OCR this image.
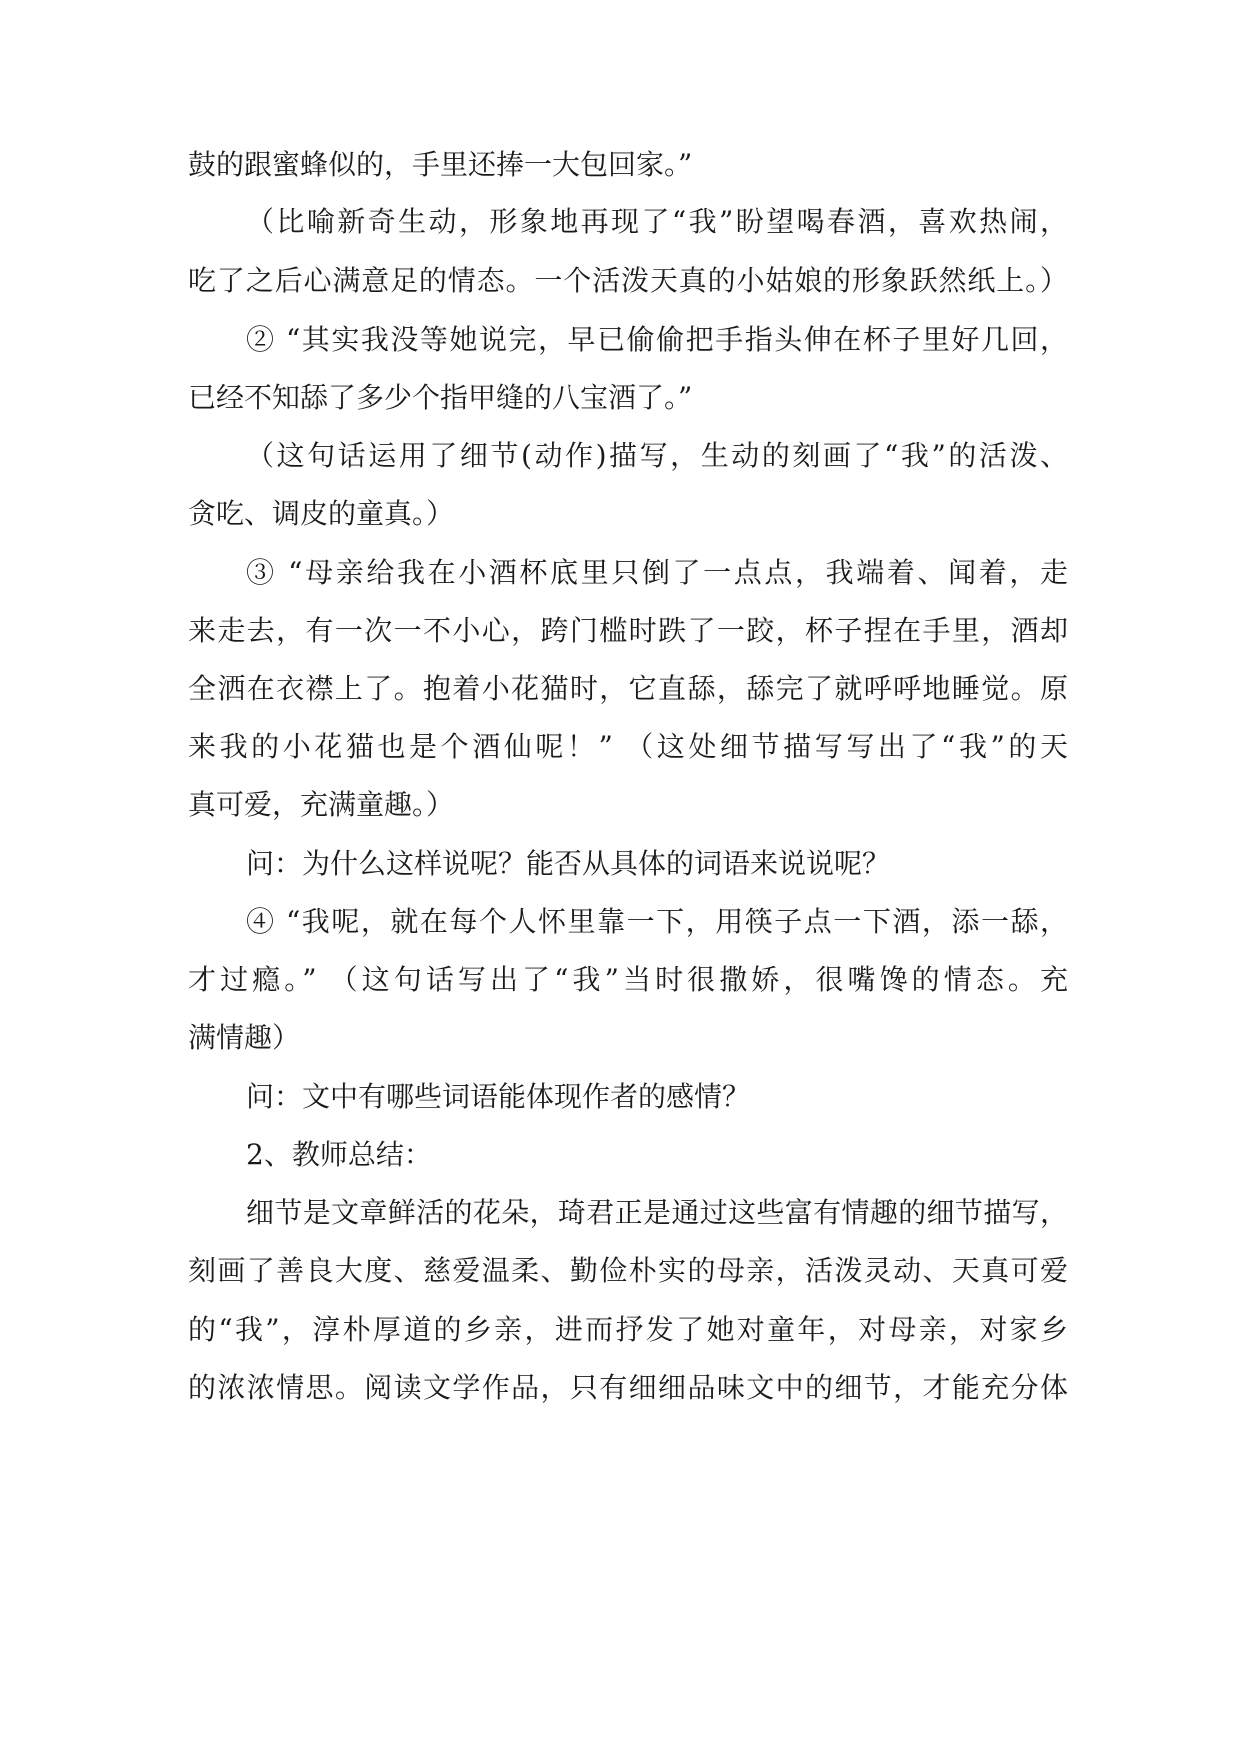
鼓的跟蜜蜂似的，手里还捧一大包回家。”
（比喻新奇生动，形象地再现了“我”盼望喝春酒，喜欢热闹，
吃了之后心满意足的情态。一个活泼天真的小姑娘的形象跃然纸上。）
② “其实我没等她说完，早已偷偷把手指头伸在杯子里好几回，
已经不知舔了多少个指甲缝的八宝酒了。”
（这句话运用了细节(动作)描写，生动的刻画了“我”的活泼、
贪吃、调皮的童真。）
③ “母亲给我在小酒杯底里只倒了一点点，我端着、闻着，走
来走去，有一次一不小心，跨门槛时跌了一跤，杯子捏在手里，酒却
全洒在衣襟上了。抱着小花猫时，它直舔，舔完了就呼呼地睡觉。原
来我的小花猫也是个酒仙呢！” （这处细节描写写出了“我”的天
真可爱，充满童趣。）
问：为什么这样说呢？能否从具体的词语来说说呢？
④ “我呢，就在每个人怀里靠一下，用筷子点一下酒，添一舔，
才过瘾。” （这句话写出了“我”当时很撒娇，很嘴馋的情态。充
满情趣）
问：文中有哪些词语能体现作者的感情？
2、教师总结：
细节是文章鲜活的花朵，琦君正是通过这些富有情趣的细节描写，
刻画了善良大度、慈爱温柔、勤俭朴实的母亲，活泼灵动、天真可爱
的“我”，淳朴厚道的乡亲，进而抒发了她对童年，对母亲，对家乡
的浓浓情思。阅读文学作品，只有细细品味文中的细节，才能充分体
